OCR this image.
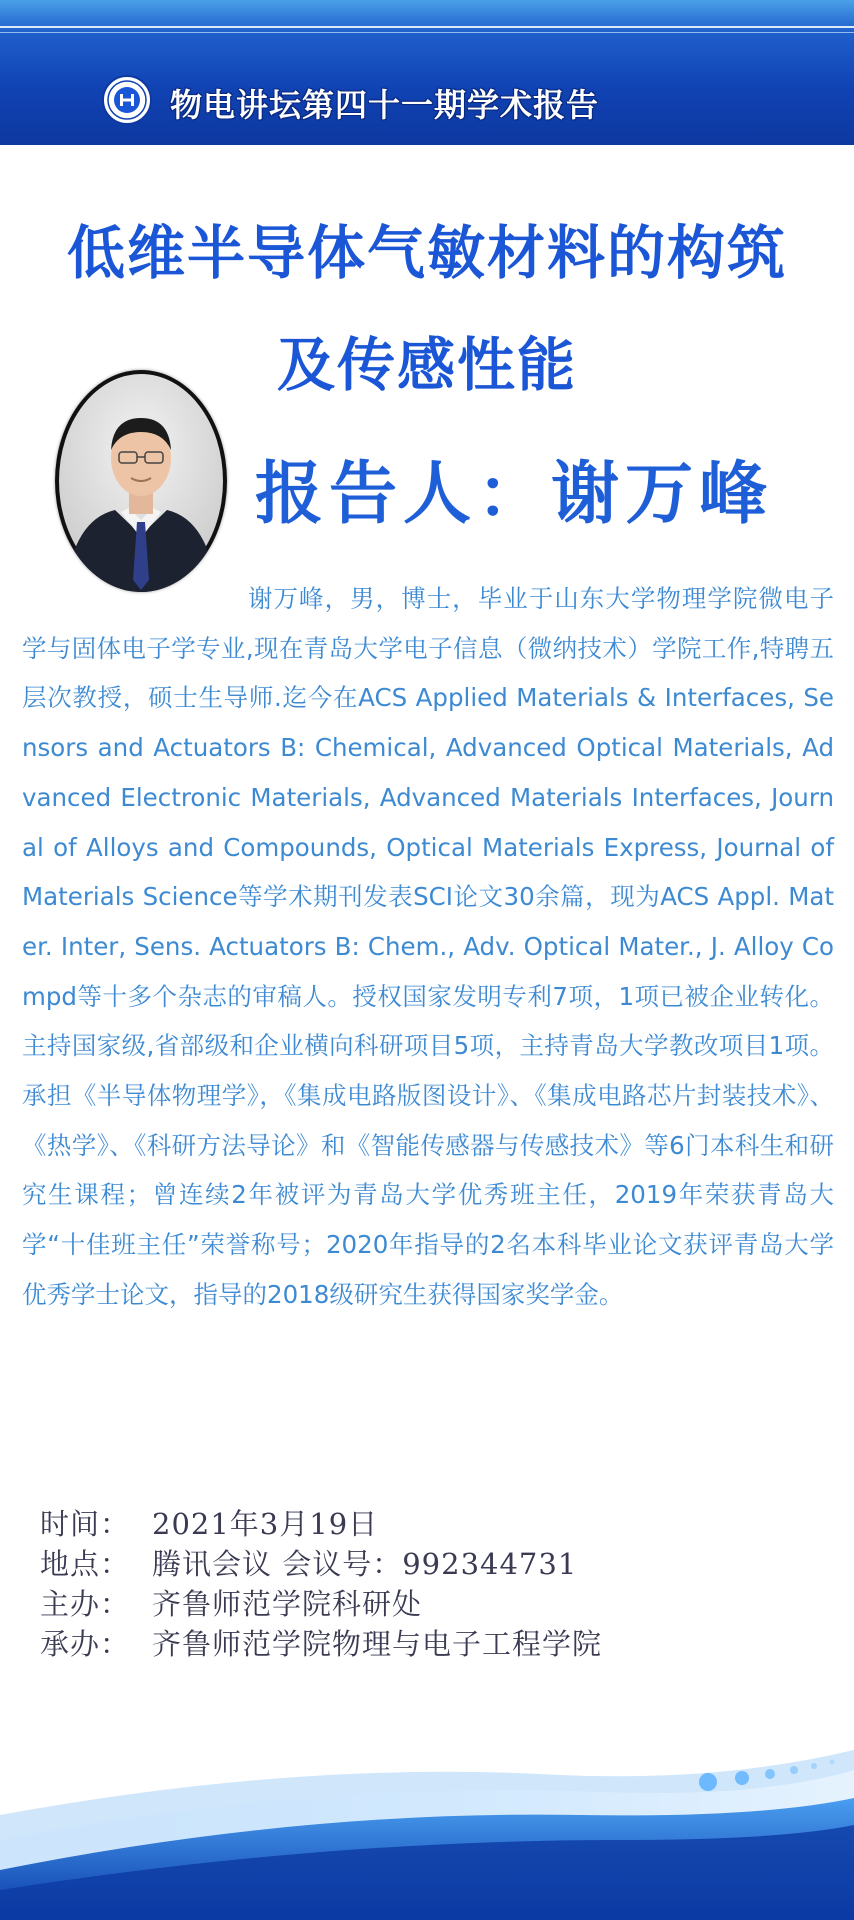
物电讲坛第四十一期学术报告
低维半导体气敏材料的构筑
及传感性能
报告人：谢万峰

谢万峰，男，博士，毕业于山东大学物理学院微电子学与固体电子学专业,现在青岛大学电子信息（微纳技术）学院工作,特聘五层次教授，硕士生导师.迄今在ACS Applied Materials & Interfaces, Sensors and Actuators B: Chemical, Advanced Optical Materials, Advanced Electronic Materials, Advanced Materials Interfaces, Journal of Alloys and Compounds, Optical Materials Express, Journal of Materials Science等学术期刊发表SCI论文30余篇，现为ACS Appl. Mater. Inter, Sens. Actuators B: Chem., Adv. Optical Mater., J. Alloy Compd等十多个杂志的审稿人。授权国家发明专利7项，1项已被企业转化。主持国家级,省部级和企业横向科研项目5项，主持青岛大学教改项目1项。承担《半导体物理学》，《集成电路版图设计》、《集成电路芯片封装技术》、《热学》、《科研方法导论》和《智能传感器与传感技术》等6门本科生和研究生课程；曾连续2年被评为青岛大学优秀班主任，2019年荣获青岛大学“十佳班主任”荣誉称号；2020年指导的2名本科毕业论文获评青岛大学优秀学士论文，指导的2018级研究生获得国家奖学金。

时间： 2021年3月19日
地点： 腾讯会议 会议号：992344731
主办： 齐鲁师范学院科研处
承办： 齐鲁师范学院物理与电子工程学院
